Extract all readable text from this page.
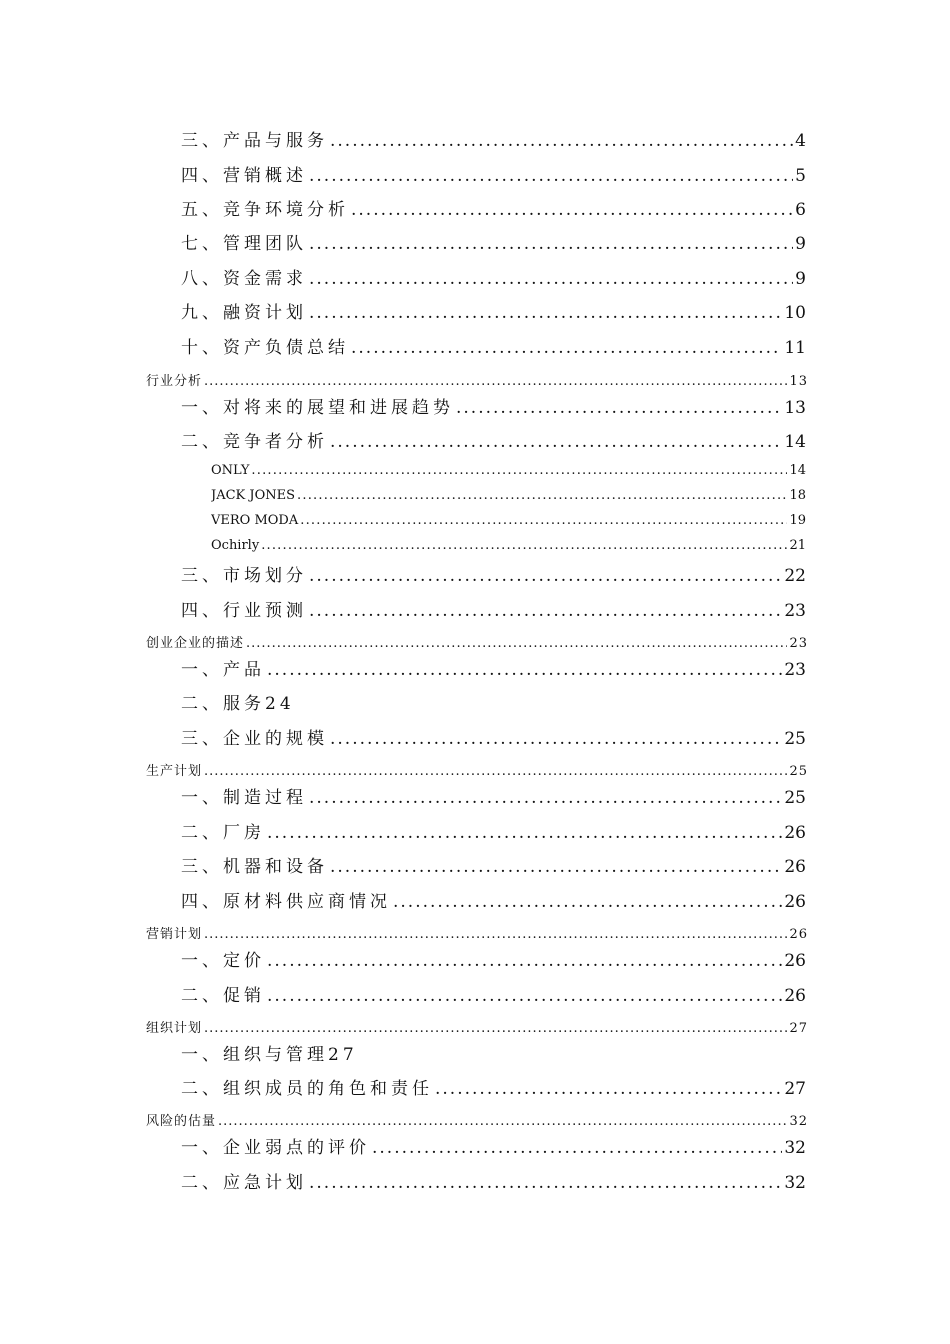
三、产品与服务 .....	4
四、营销概述 .....	5
五、竞争环境分析 .....	6
七、管理团队 .....	9
八、资金需求 .....	9
九、融资计划 .....	10
十、资产负债总结 .....	11
行业分析 .....	13
一、对将来的展望和进展趋势 .....	13
二、竞争者分析 .....	14
ONLY .....	14
JACK JONES .....	18
VERO MODA .....	19
Ochirly .....	21
三、市场划分 .....	22
四、行业预测 .....	23
创业企业的描述 .....	23
一、产品 .....	23
二、服务24
三、企业的规模 .....	25
生产计划 .....	25
一、制造过程 .....	25
二、厂房 .....	26
三、机器和设备 .....	26
四、原材料供应商情况 .....	26
营销计划 .....	26
一、定价 .....	26
二、促销 .....	26
组织计划 .....	27
一、组织与管理27
二、组织成员的角色和责任 .....	27
风险的估量 .....	32
一、企业弱点的评价 .....	32
二、应急计划 .....	32
